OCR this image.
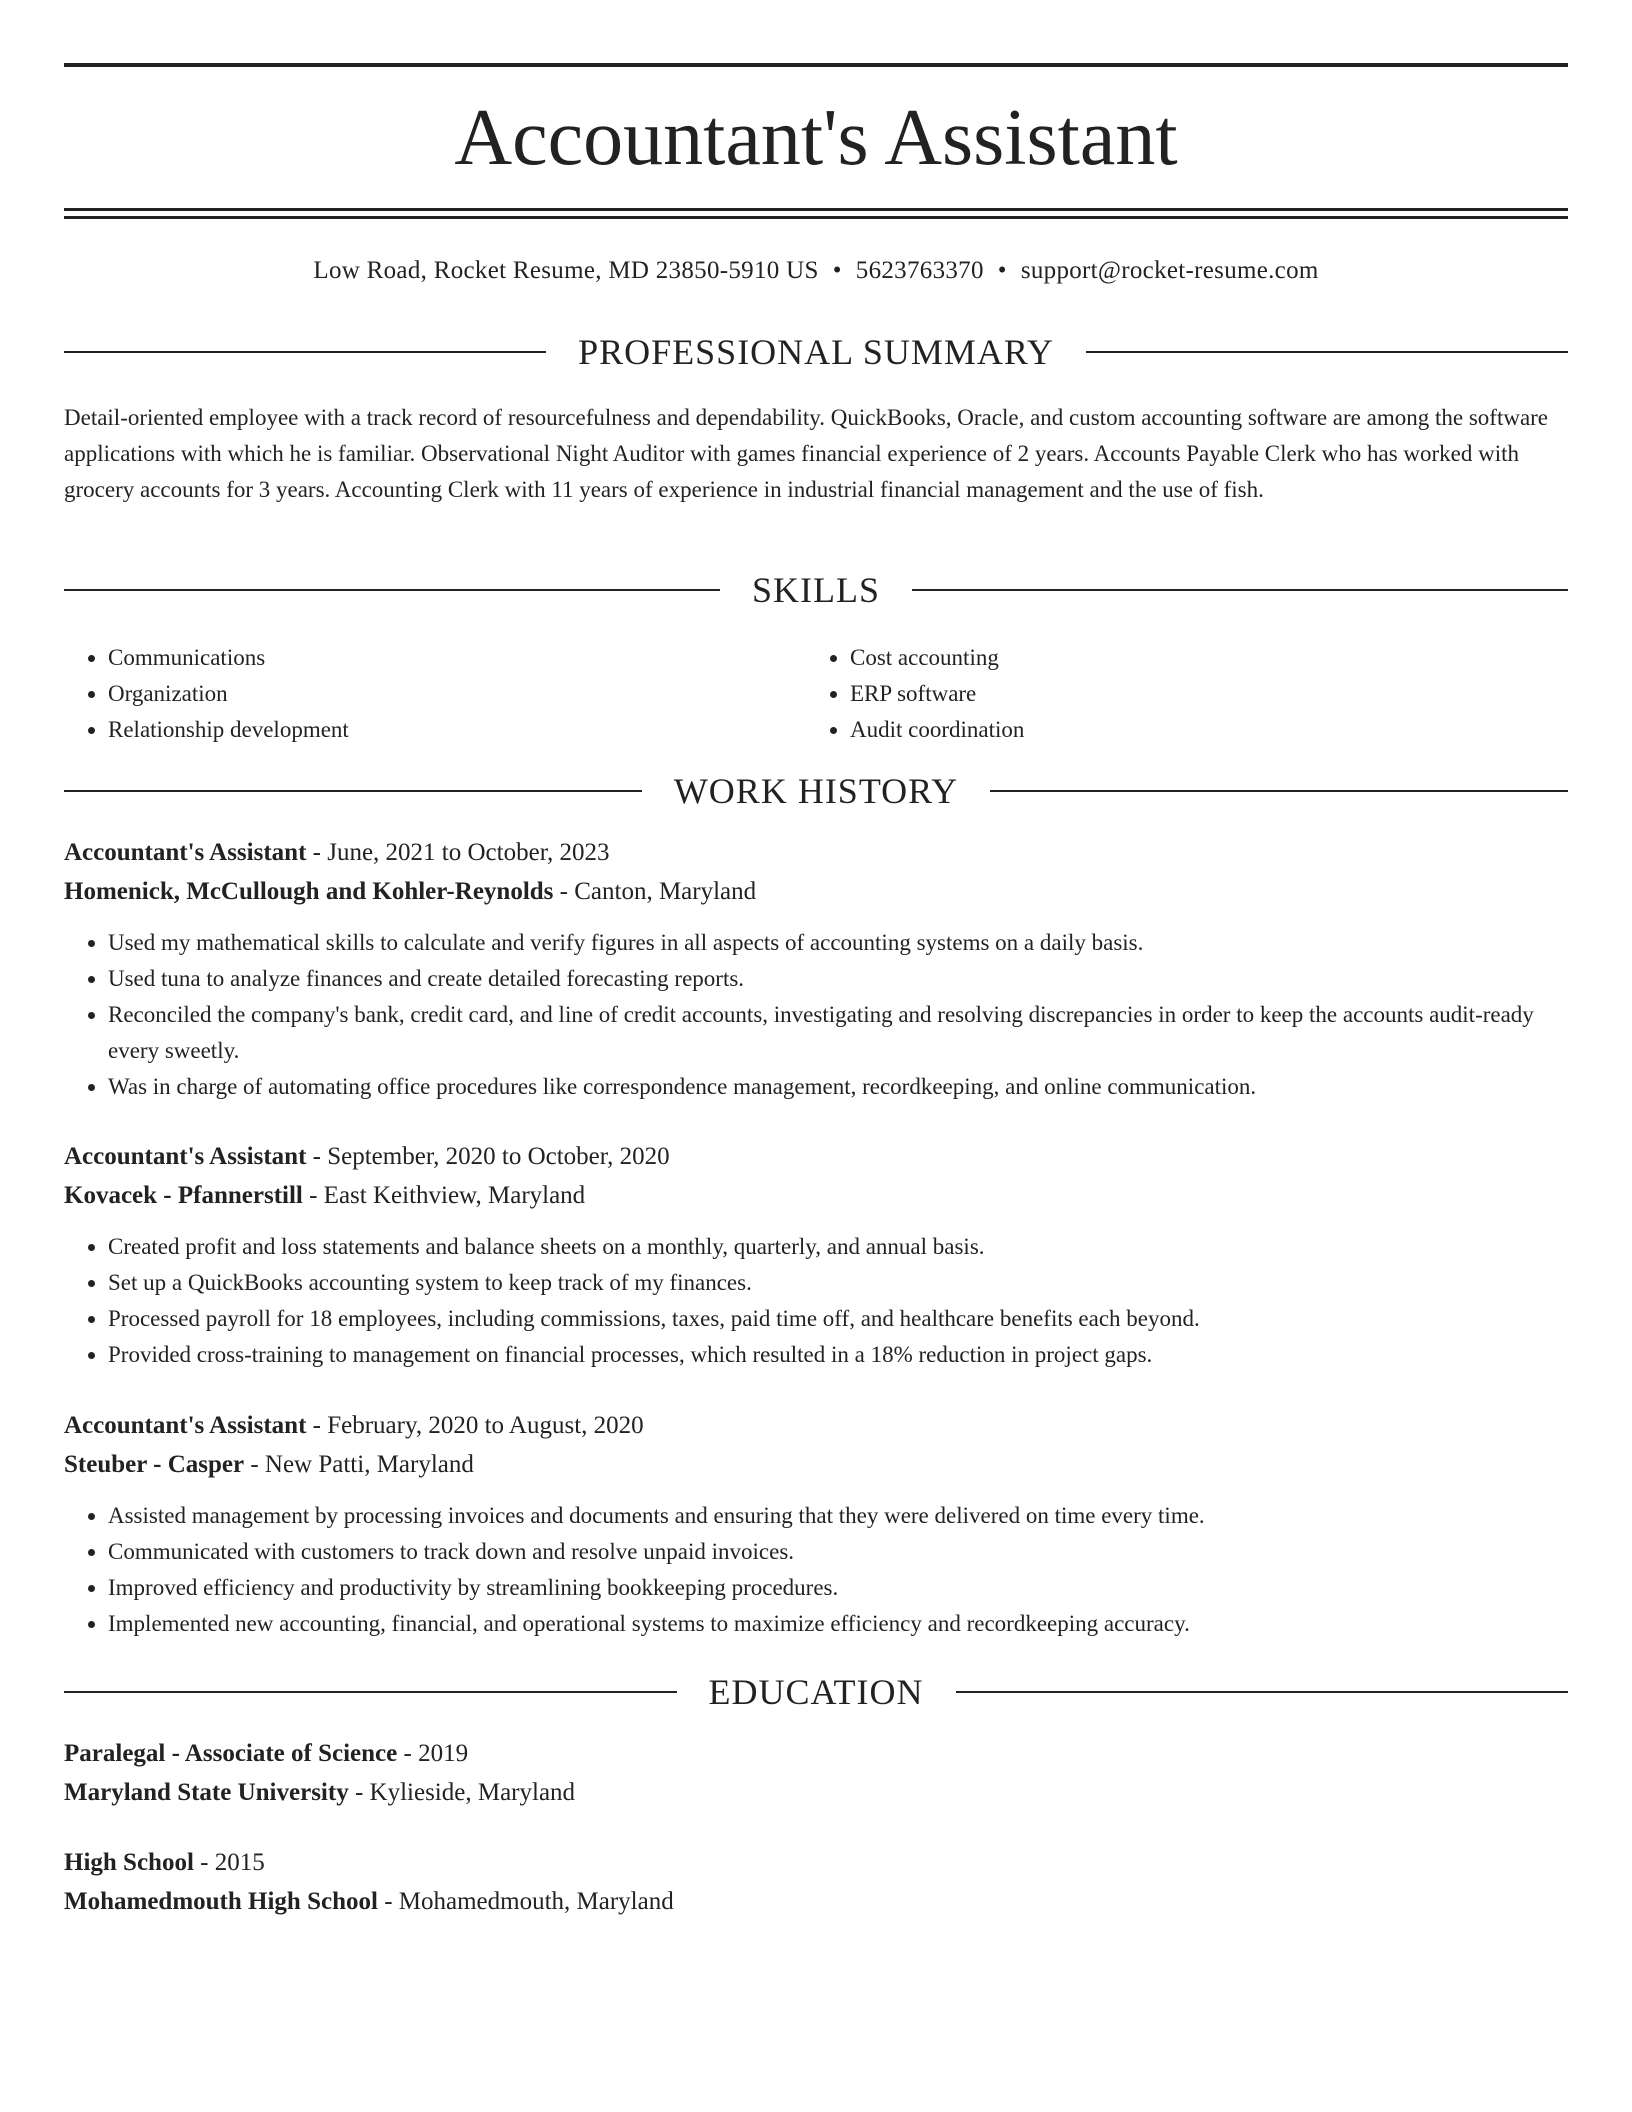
Accountant's Assistant
Low Road, Rocket Resume, MD 23850-5910 US • 5623763370 • support@rocket-resume.com
PROFESSIONAL SUMMARY

Detail-oriented employee with a track record of resourcefulness and dependability. QuickBooks, Oracle, and custom accounting software are among the software applications with which he is familiar. Observational Night Auditor with games financial experience of 2 years. Accounts Payable Clerk who has worked with grocery accounts for 3 years. Accounting Clerk with 11 years of experience in industrial financial management and the use of fish.

SKILLS
• Communications
• Organization
• Relationship development
• Cost accounting
• ERP software
• Audit coordination
WORK HISTORY

Accountant's Assistant - June, 2021 to October, 2023

Homenick, McCullough and Kohler-Reynolds - Canton, Maryland

• Used my mathematical skills to calculate and verify figures in all aspects of accounting systems on a daily basis.
• Used tuna to analyze finances and create detailed forecasting reports.
• Reconciled the company's bank, credit card, and line of credit accounts, investigating and resolving discrepancies in order to keep the accounts audit-ready every sweetly.
• Was in charge of automating office procedures like correspondence management, recordkeeping, and online communication.

Accountant's Assistant - September, 2020 to October, 2020

Kovacek - Pfannerstill - East Keithview, Maryland

• Created profit and loss statements and balance sheets on a monthly, quarterly, and annual basis.
• Set up a QuickBooks accounting system to keep track of my finances.
• Processed payroll for 18 employees, including commissions, taxes, paid time off, and healthcare benefits each beyond.
• Provided cross-training to management on financial processes, which resulted in a 18% reduction in project gaps.

Accountant's Assistant - February, 2020 to August, 2020

Steuber - Casper - New Patti, Maryland

• Assisted management by processing invoices and documents and ensuring that they were delivered on time every time.
• Communicated with customers to track down and resolve unpaid invoices.
• Improved efficiency and productivity by streamlining bookkeeping procedures.
• Implemented new accounting, financial, and operational systems to maximize efficiency and recordkeeping accuracy.
EDUCATION

Paralegal - Associate of Science - 2019

Maryland State University - Kylieside, Maryland

High School - 2015

Mohamedmouth High School - Mohamedmouth, Maryland
